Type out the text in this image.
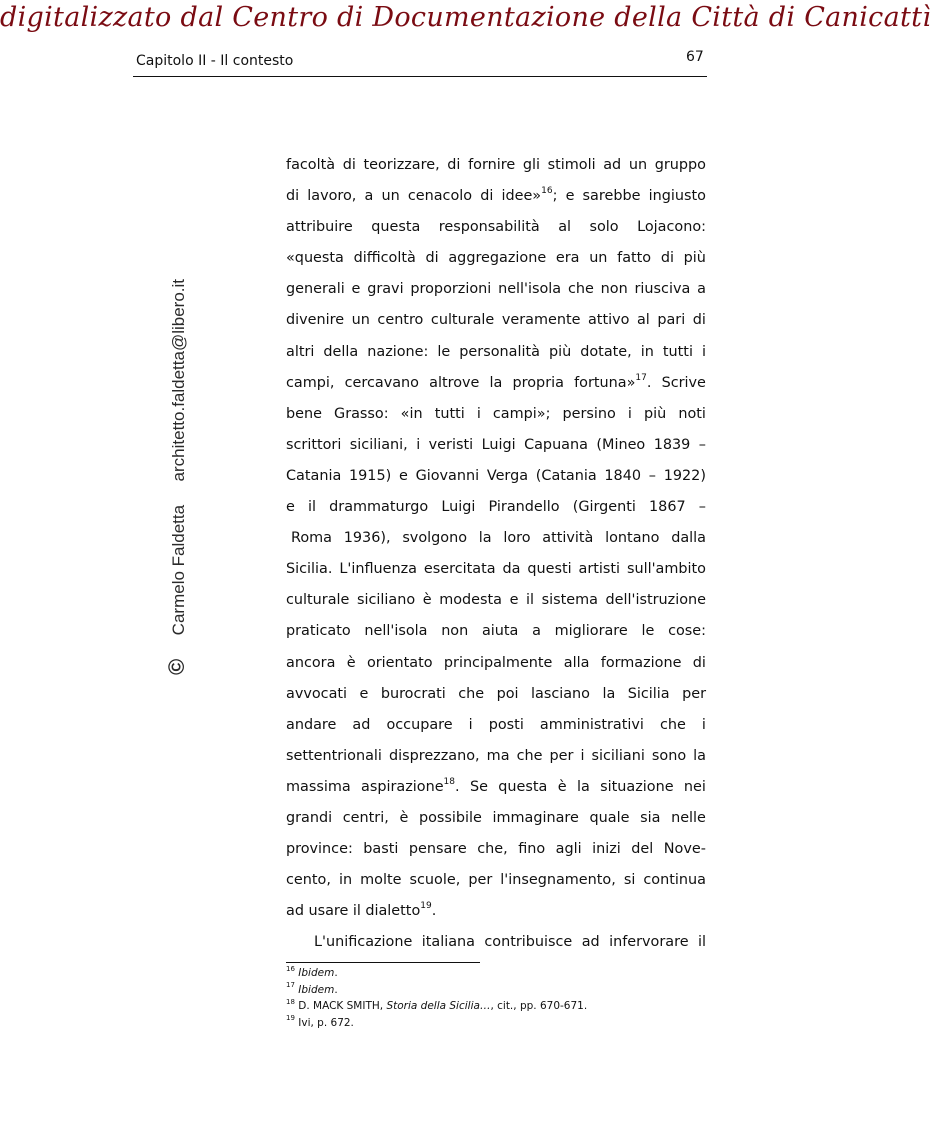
digitalizzato dal Centro di Documentazione della Città di Canicattì
Capitolo II - Il contesto	67
©  Carmelo Faldetta  architetto.faldetta@libero.it
facoltà di teorizzare, di fornire gli stimoli ad un gruppo
di lavoro, a un cenacolo di idee»$^{16}$; e sarebbe ingiusto
attribuire questa responsabilità al solo Lojacono:
«questa difficoltà di aggregazione era un fatto di più
generali e gravi proporzioni nell'isola che non riusciva a
divenire un centro culturale veramente attivo al pari di
altri della nazione: le personalità più dotate, in tutti i
campi, cercavano altrove la propria fortuna»$^{17}$. Scrive
bene Grasso: «in tutti i campi»; persino i più noti
scrittori siciliani, i veristi Luigi Capuana (Mineo 1839 –
Catania 1915) e Giovanni Verga (Catania 1840 – 1922)
e il drammaturgo Luigi Pirandello (Girgenti 1867 –
Roma 1936), svolgono la loro attività lontano dalla
Sicilia. L'influenza esercitata da questi artisti sull'ambito
culturale siciliano è modesta e il sistema dell'istruzione
praticato nell'isola non aiuta a migliorare le cose:
ancora è orientato principalmente alla formazione di
avvocati e burocrati che poi lasciano la Sicilia per
andare ad occupare i posti amministrativi che i
settentrionali disprezzano, ma che per i siciliani sono la
massima aspirazione$^{18}$. Se questa è la situazione nei
grandi centri, è possibile immaginare quale sia nelle
province: basti pensare che, fino agli inizi del Nove-
cento, in molte scuole, per l'insegnamento, si continua
ad usare il dialetto$^{19}$.
L'unificazione italiana contribuisce ad infervorare il
$^{16}$ Ibidem.
$^{17}$ Ibidem.
$^{18}$ D. MACK SMITH, Storia della Sicilia…, cit., pp. 670-671.
$^{19}$ Ivi, p. 672.
